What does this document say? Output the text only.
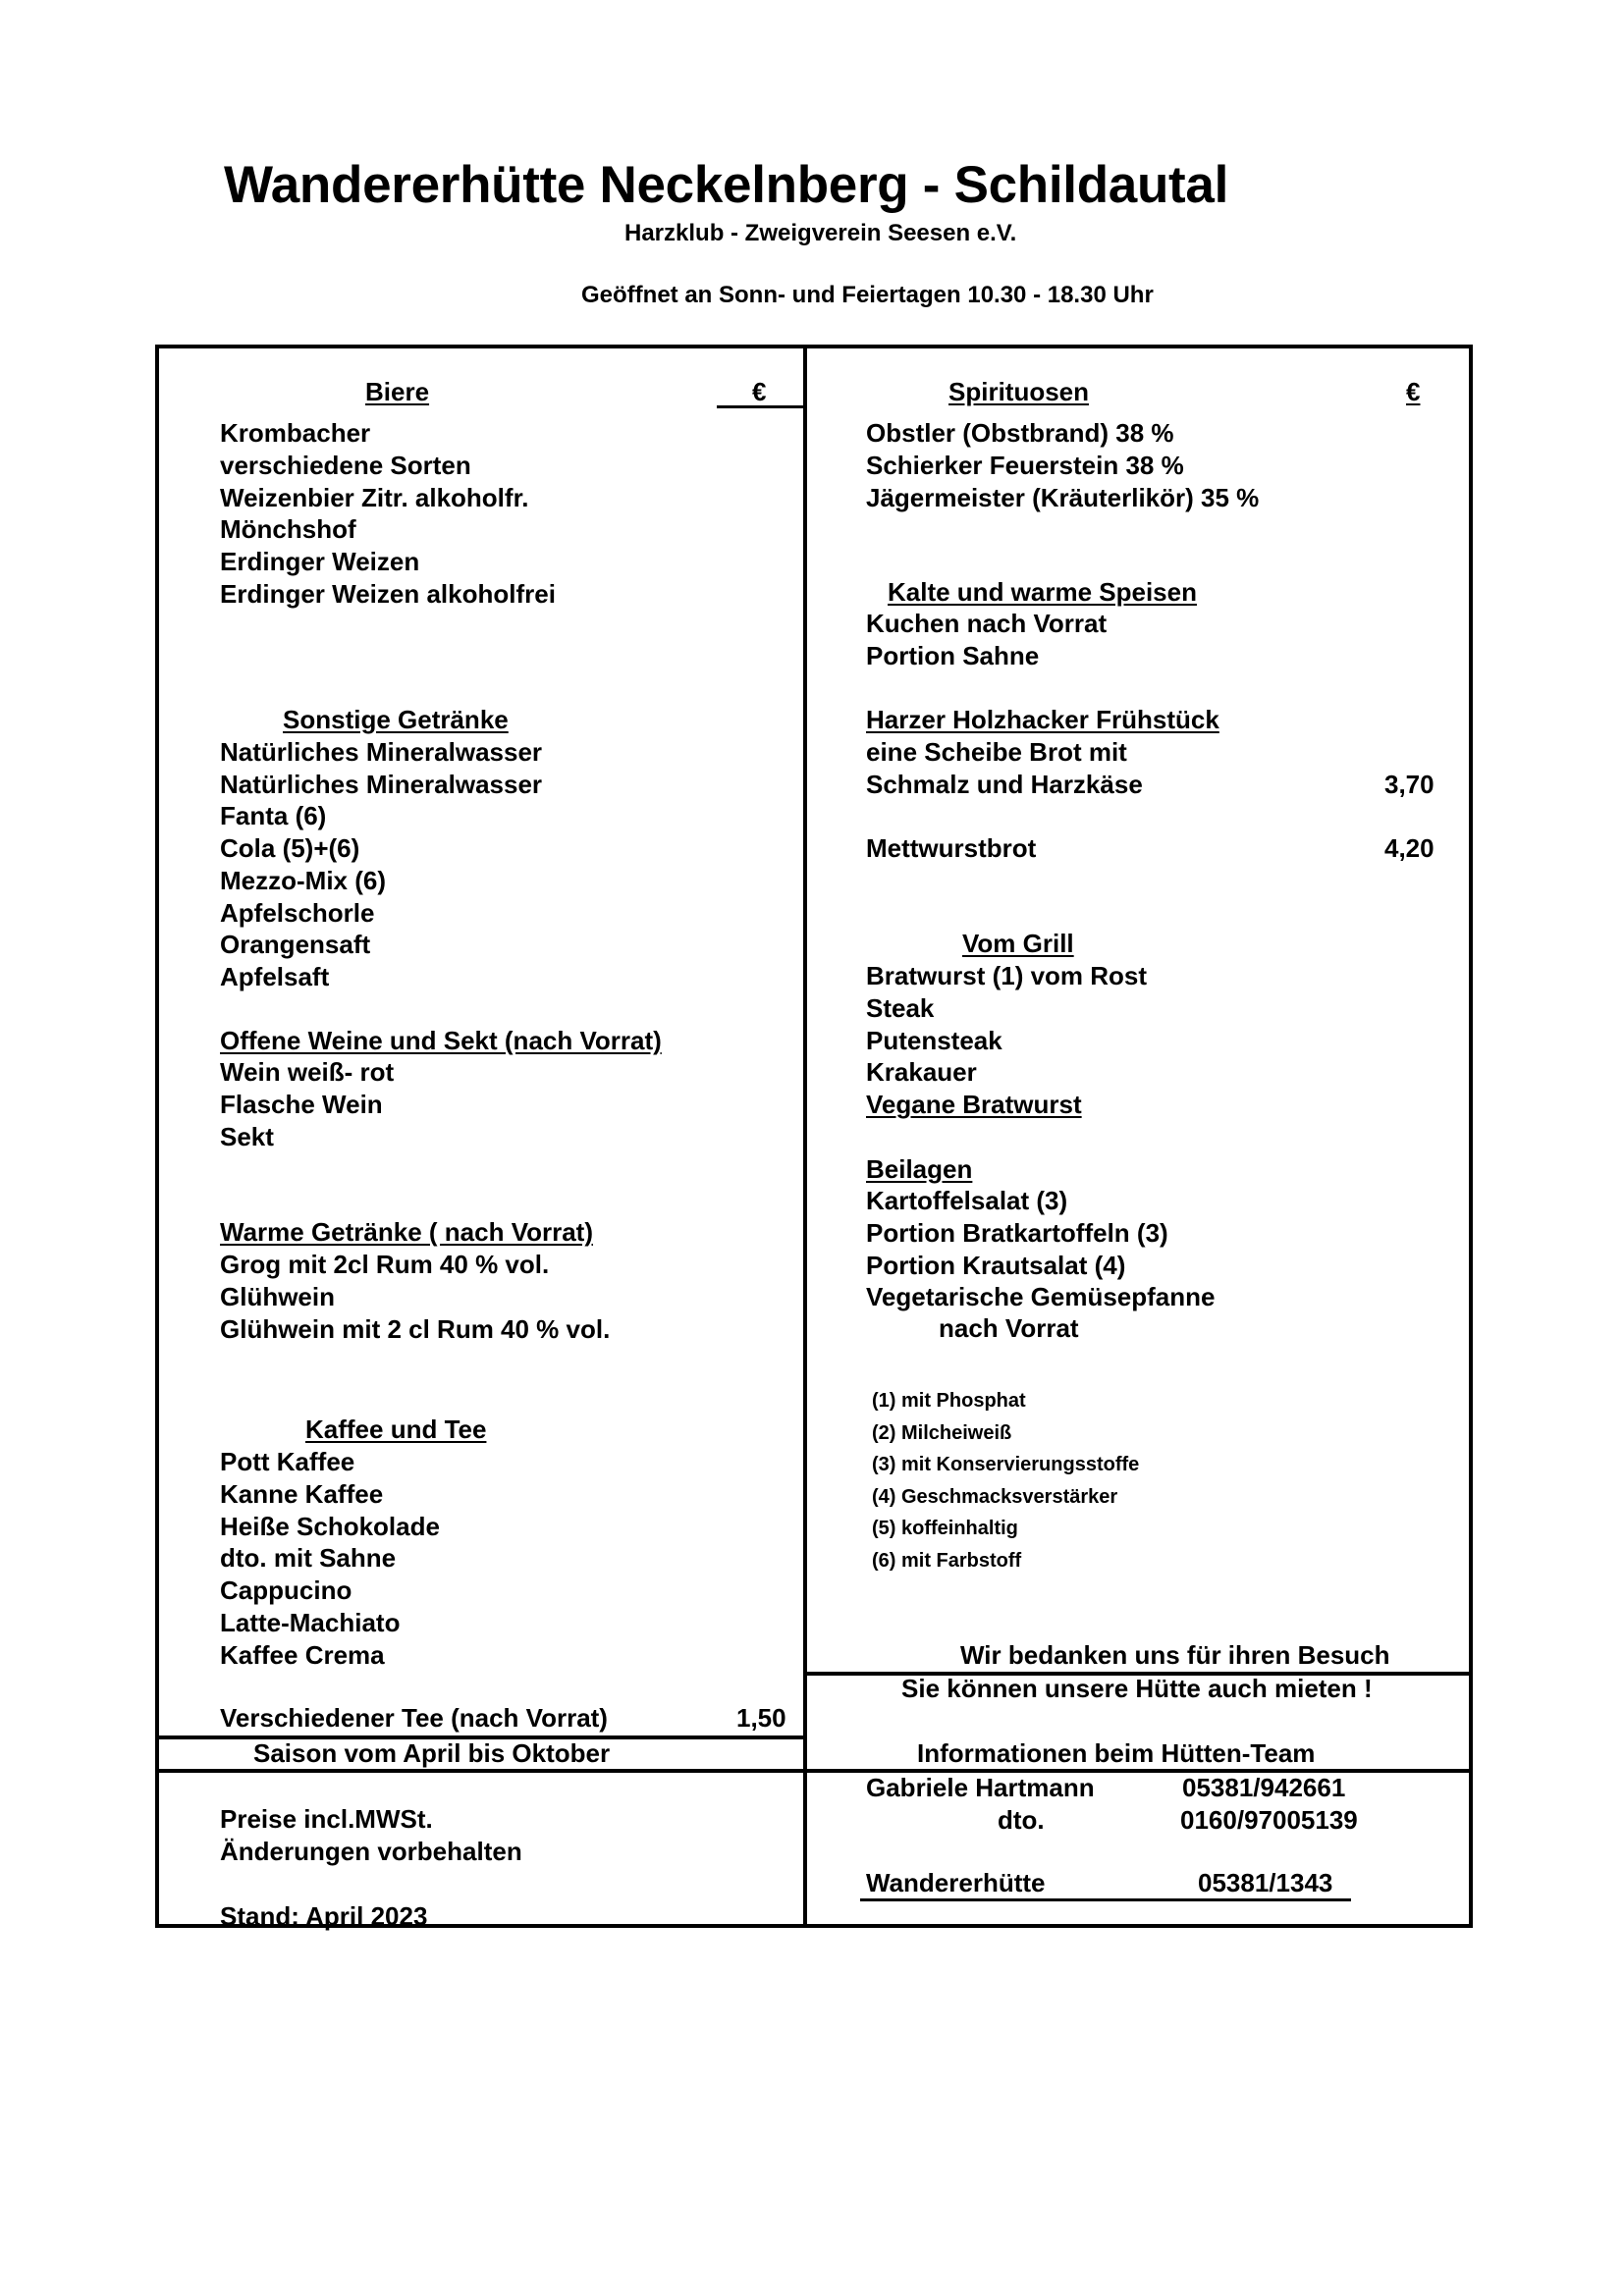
Wandererhütte Neckelnberg - Schildautal
Harzklub - Zweigverein Seesen e.V.
Geöffnet an Sonn- und Feiertagen 10.30 - 18.30 Uhr
Biere	€
Krombacher
verschiedene Sorten
Weizenbier Zitr. alkoholfr.
Mönchshof
Erdinger Weizen
Erdinger Weizen alkoholfrei
Sonstige Getränke
Natürliches Mineralwasser
Natürliches Mineralwasser
Fanta (6)
Cola (5)+(6)
Mezzo-Mix (6)
Apfelschorle
Orangensaft
Apfelsaft
Offene Weine und Sekt (nach Vorrat)
Wein weiß- rot
Flasche Wein
Sekt
Warme Getränke ( nach Vorrat)
Grog mit 2cl Rum 40 % vol.
Glühwein
Glühwein mit 2 cl Rum 40 % vol.
Kaffee und Tee
Pott Kaffee
Kanne Kaffee
Heiße Schokolade
dto. mit Sahne
Cappucino
Latte-Machiato
Kaffee Crema
Verschiedener Tee (nach Vorrat)	1,50
Saison vom April bis Oktober
Preise incl.MWSt.
Änderungen vorbehalten
Stand: April 2023
Spirituosen	€
Obstler (Obstbrand) 38 %
Schierker Feuerstein 38 %
Jägermeister (Kräuterlikör) 35 %
Kalte und warme Speisen
Kuchen nach Vorrat
Portion Sahne
Harzer Holzhacker Frühstück
eine Scheibe Brot mit
Schmalz und Harzkäse	3,70
Mettwurstbrot	4,20
Vom Grill
Bratwurst (1) vom Rost
Steak
Putensteak
Krakauer
Vegane Bratwurst
Beilagen
Kartoffelsalat (3)
Portion Bratkartoffeln (3)
Portion Krautsalat (4)
Vegetarische Gemüsepfanne
nach Vorrat
(1) mit Phosphat
(2) Milcheiweiß
(3) mit Konservierungsstoffe
(4) Geschmacksverstärker
(5) koffeinhaltig
(6) mit Farbstoff
Wir bedanken uns für ihren Besuch
Sie können unsere Hütte auch mieten !
Informationen beim Hütten-Team
Gabriele Hartmann	05381/942661
dto.	0160/97005139
Wandererhütte	05381/1343
